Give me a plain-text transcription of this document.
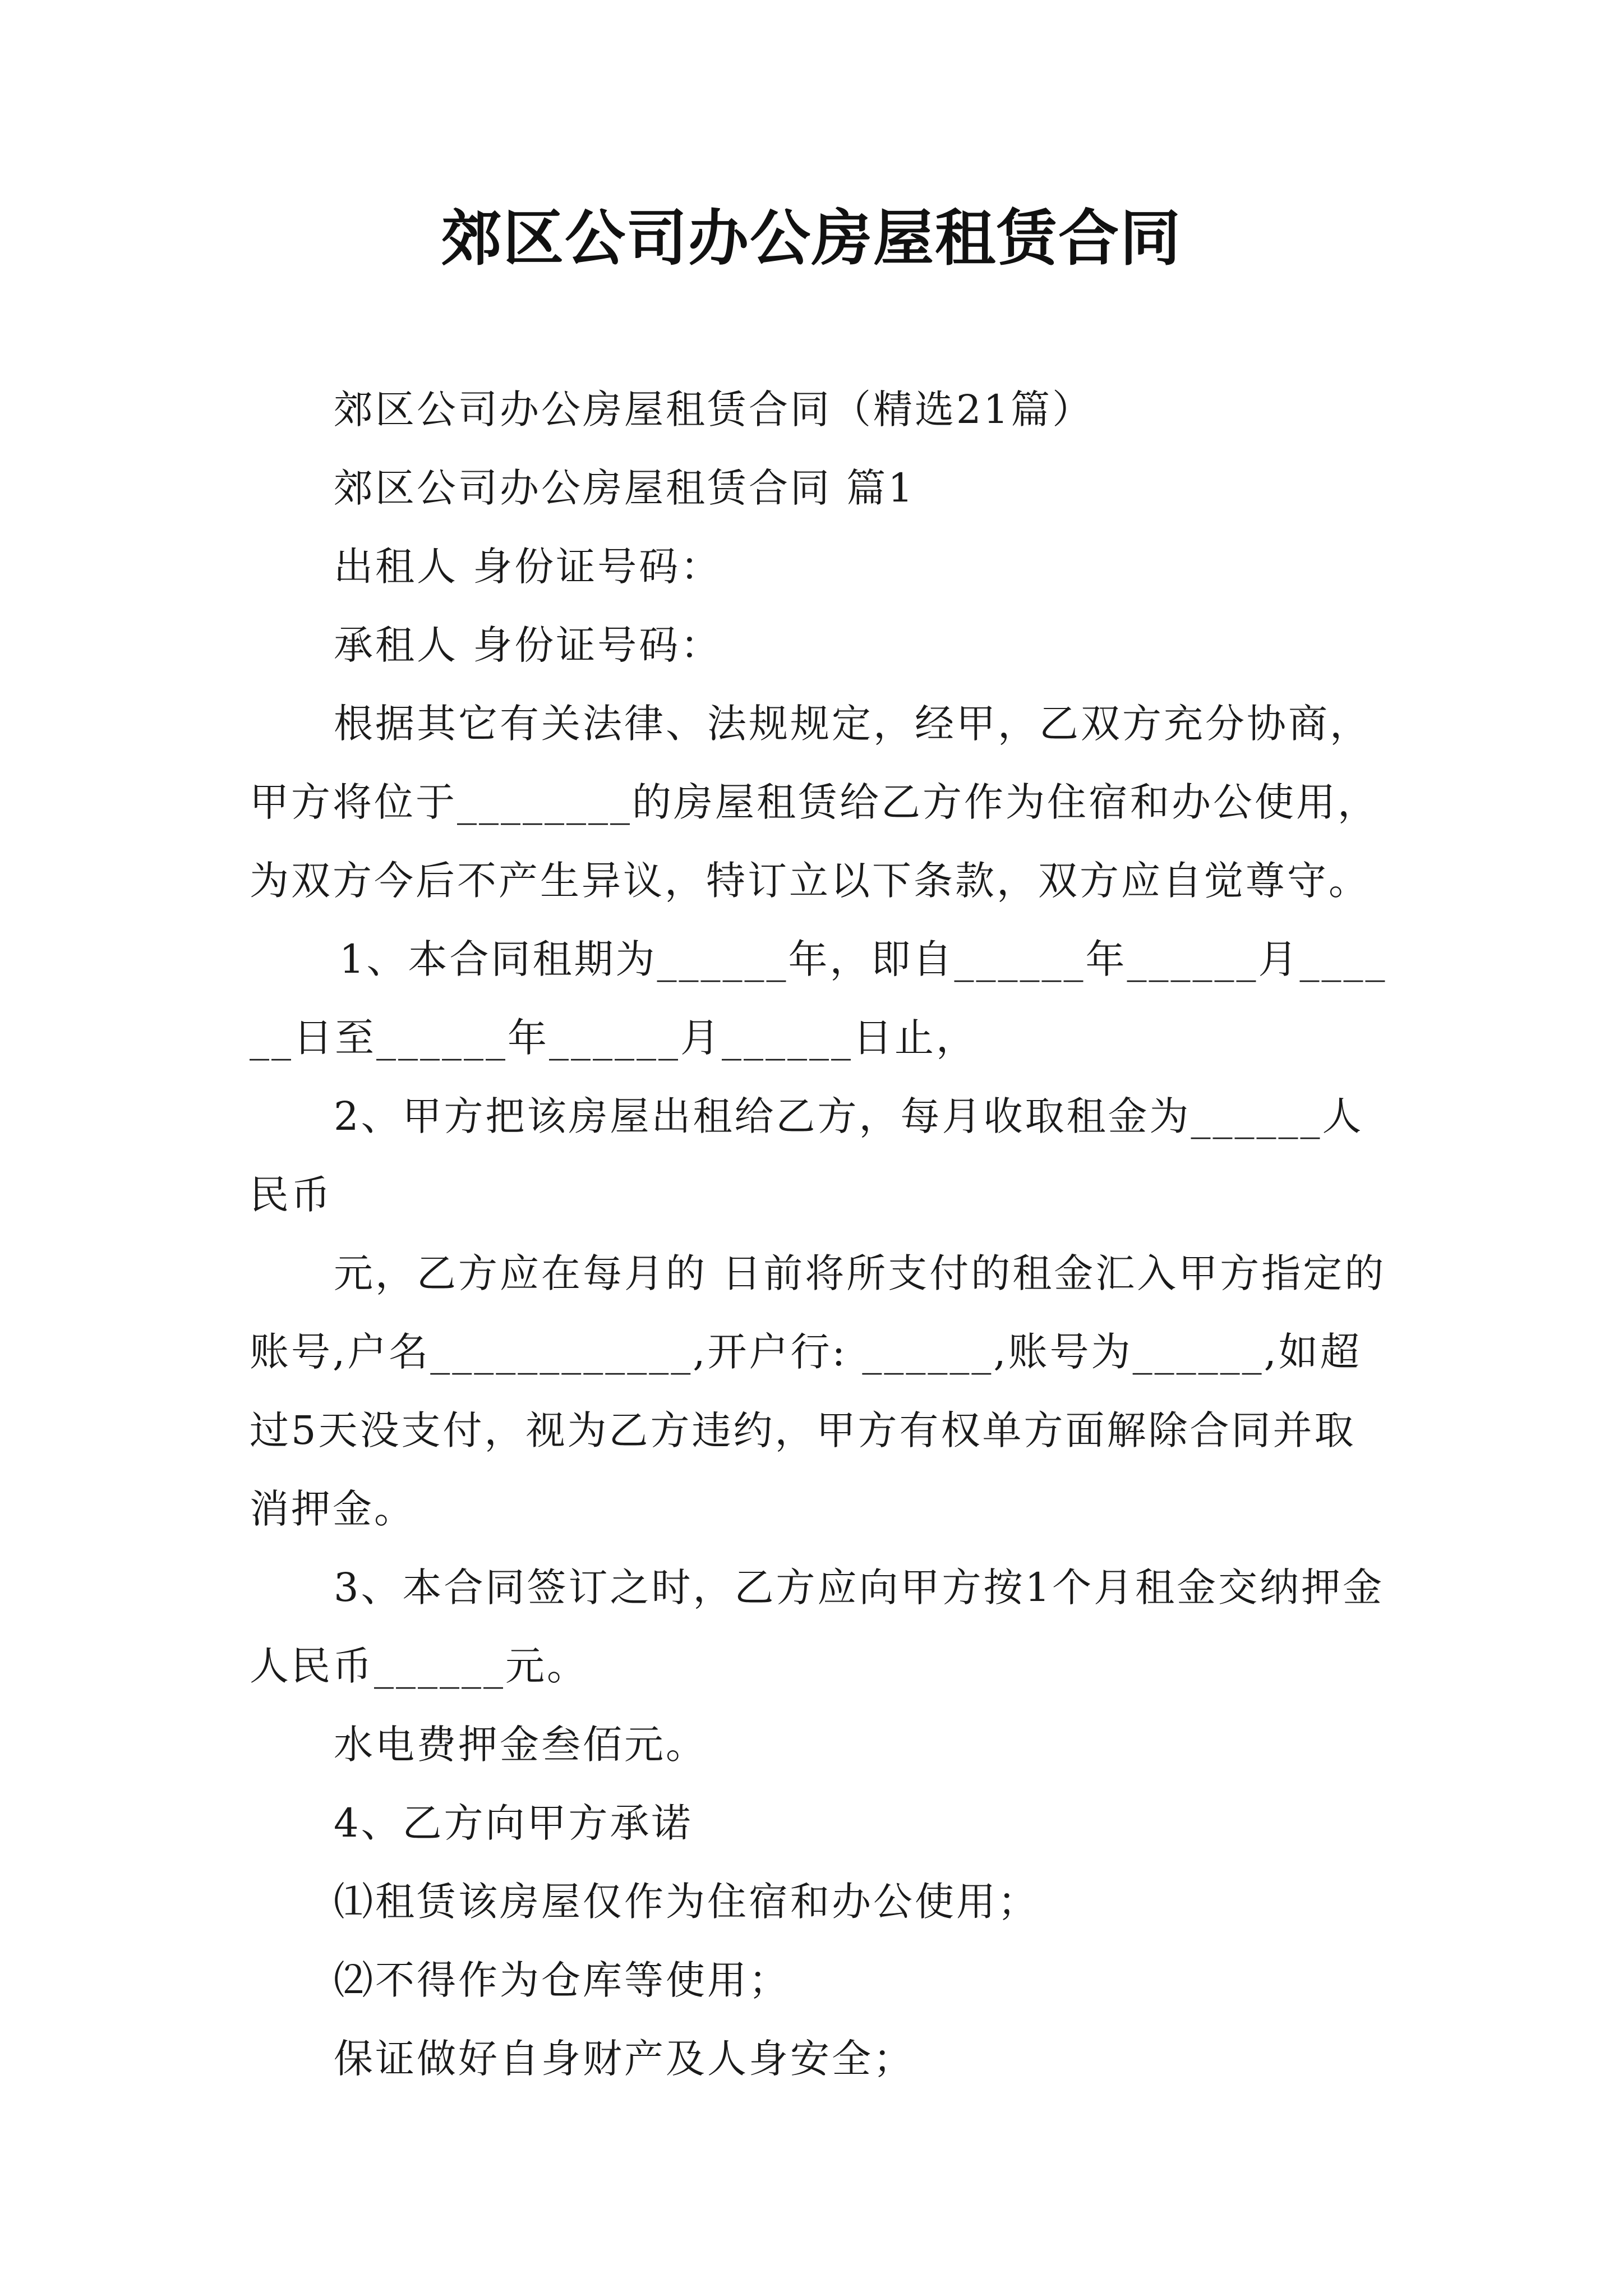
郊区公司办公房屋租赁合同

郊区公司办公房屋租赁合同（精选21篇）

郊区公司办公房屋租赁合同 篇1

出租人 身份证号码：

承租人 身份证号码：

根据其它有关法律、法规规定，经甲，乙双方充分协商，甲方将位于________的房屋租赁给乙方作为住宿和办公使用，为双方今后不产生异议，特订立以下条款，双方应自觉尊守。

1、本合同租期为______年，即自______年______月______日至______年______月______日止，

2、甲方把该房屋出租给乙方，每月收取租金为______人民币

元，乙方应在每月的 日前将所支付的租金汇入甲方指定的账号,户名____________,开户行: ______,账号为______,如超过5天没支付，视为乙方违约，甲方有权单方面解除合同并取消押金。

3、本合同签订之时，乙方应向甲方按1个月租金交纳押金人民币______元。

水电费押金叁佰元。

4、乙方向甲方承诺

⑴租赁该房屋仅作为住宿和办公使用；

⑵不得作为仓库等使用；

保证做好自身财产及人身安全；
